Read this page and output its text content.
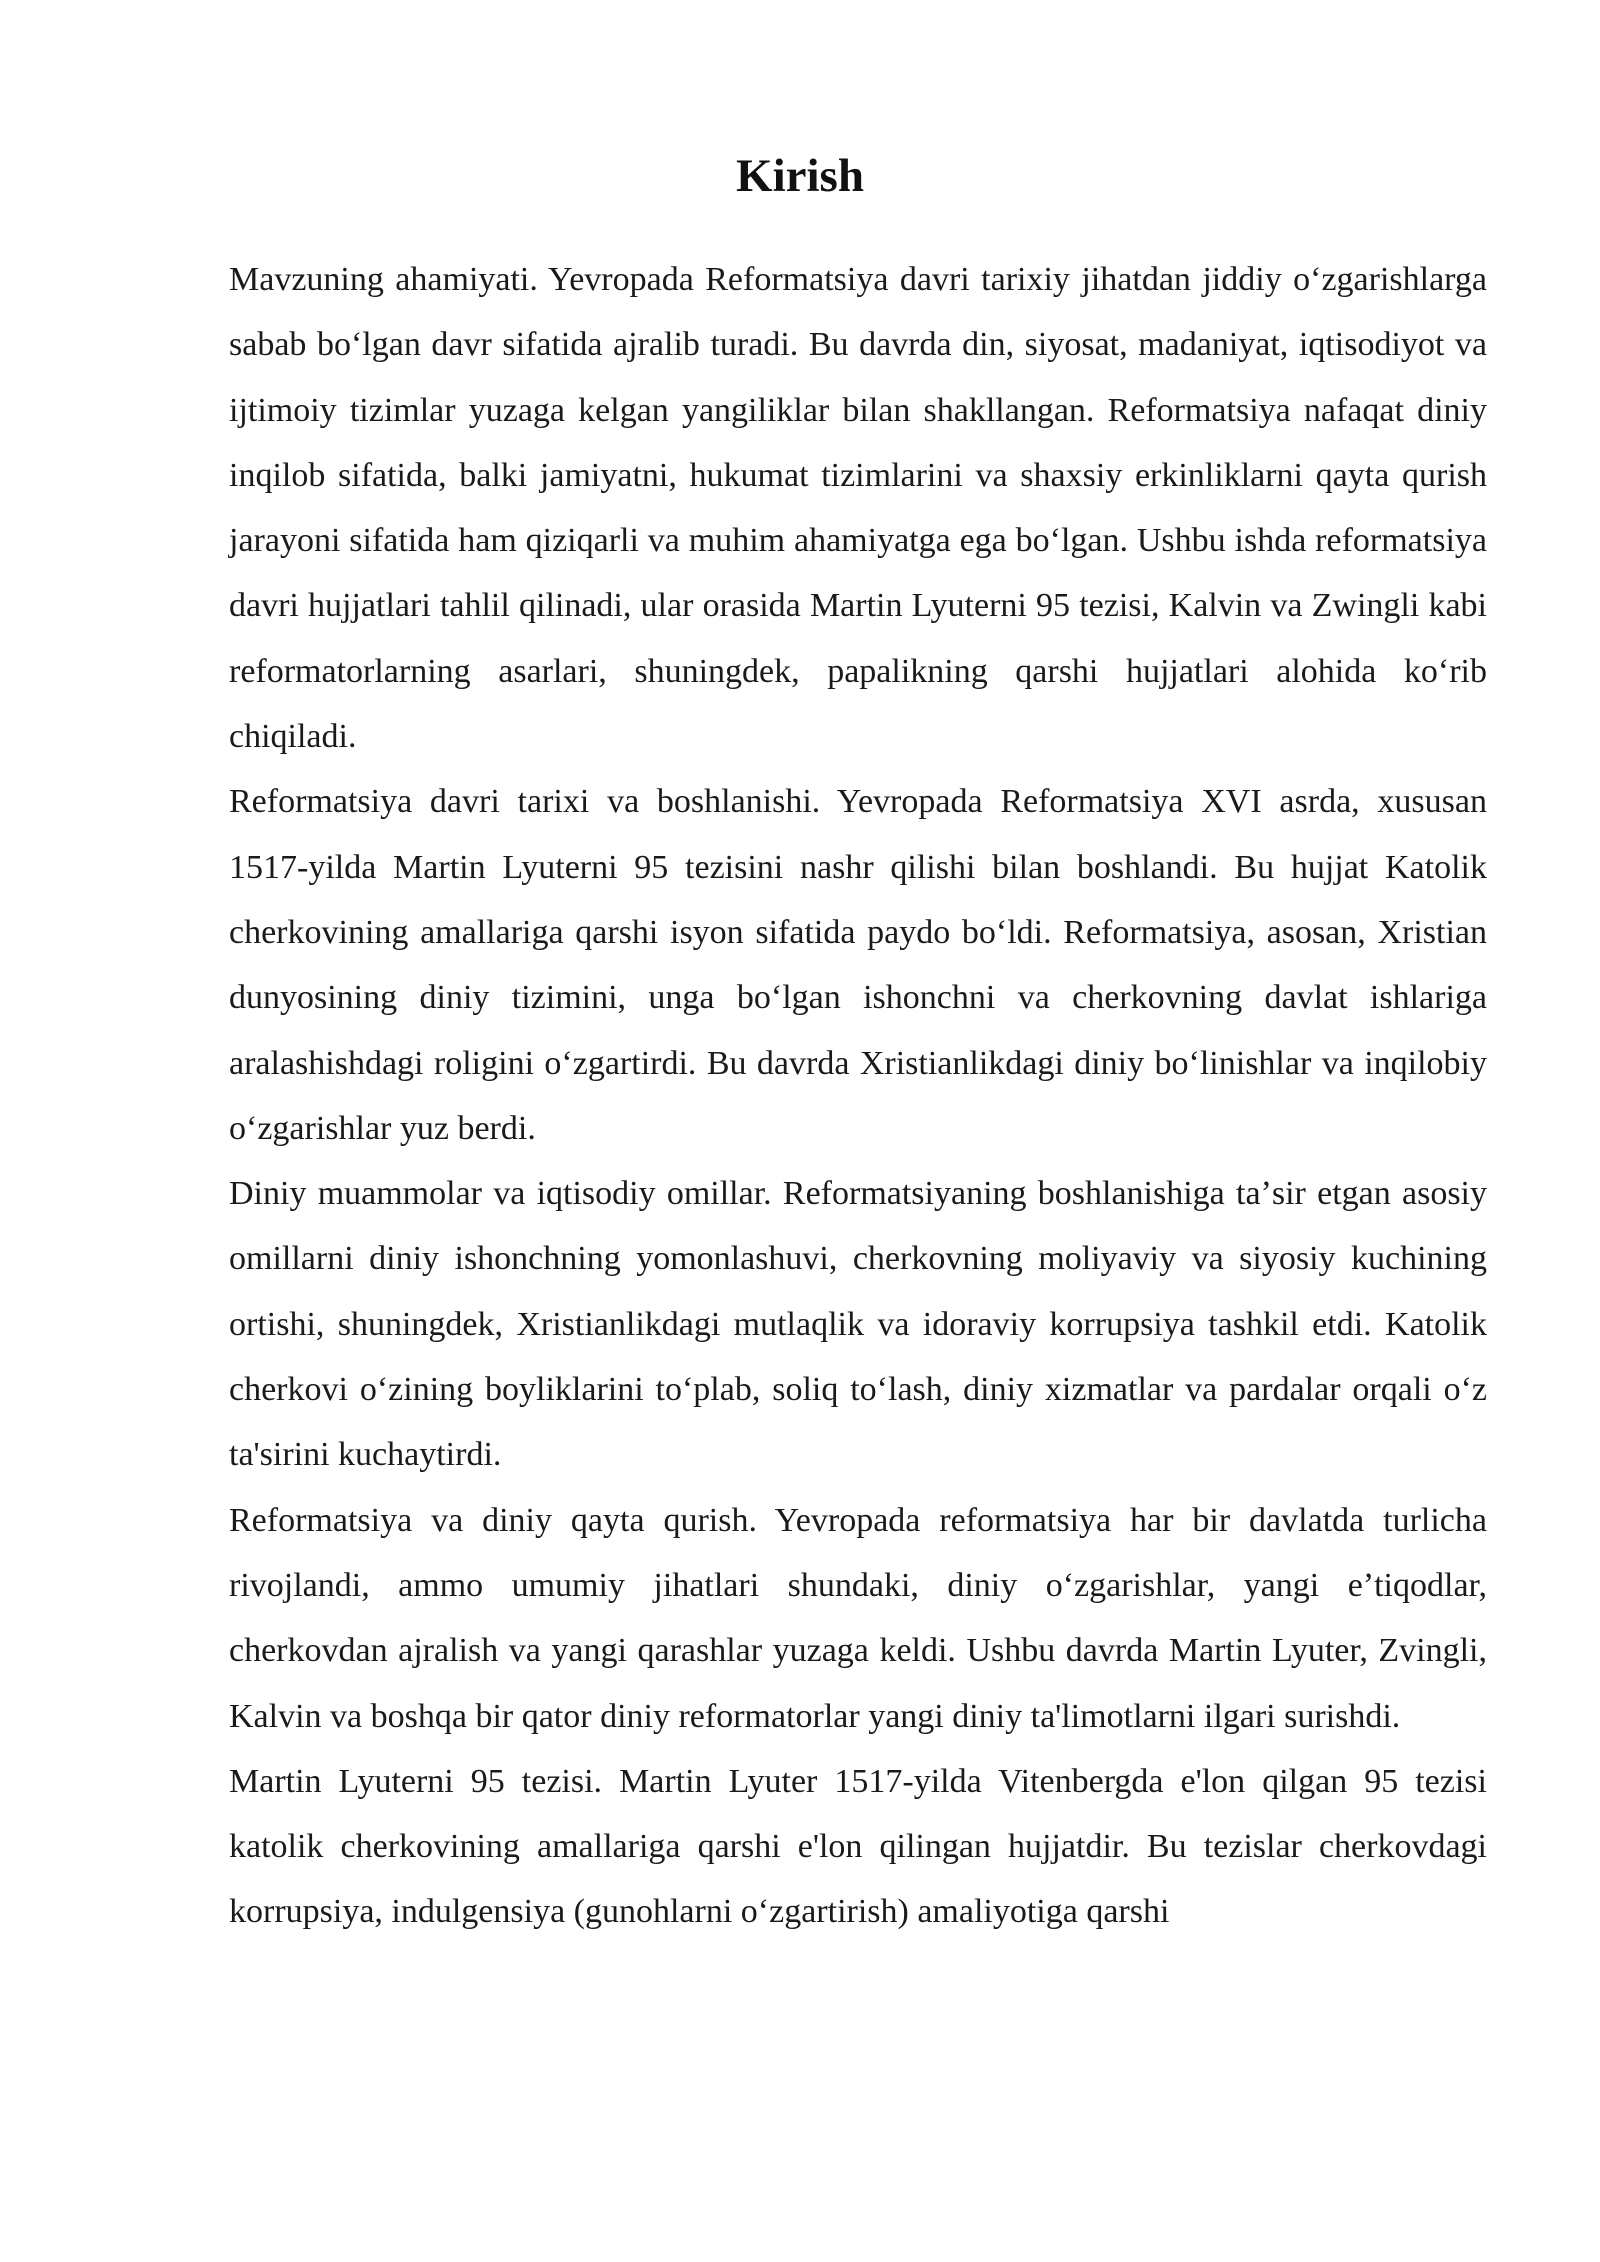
Kirish

Mavzuning ahamiyati. Yevropada Reformatsiya davri tarixiy jihatdan jiddiy oʻzgarishlarga sabab boʻlgan davr sifatida ajralib turadi. Bu davrda din, siyosat, madaniyat, iqtisodiyot va ijtimoiy tizimlar yuzaga kelgan yangiliklar bilan shakllangan. Reformatsiya nafaqat diniy inqilob sifatida, balki jamiyatni, hukumat tizimlarini va shaxsiy erkinliklarni qayta qurish jarayoni sifatida ham qiziqarli va muhim ahamiyatga ega boʻlgan. Ushbu ishda reformatsiya davri hujjatlari tahlil qilinadi, ular orasida Martin Lyuterni 95 tezisi, Kalvin va Zwingli kabi reformatorlarning asarlari, shuningdek, papalikning qarshi hujjatlari alohida koʻrib chiqiladi.

Reformatsiya davri tarixi va boshlanishi. Yevropada Reformatsiya XVI asrda, xususan 1517-yilda Martin Lyuterni 95 tezisini nashr qilishi bilan boshlandi. Bu hujjat Katolik cherkovining amallariga qarshi isyon sifatida paydo boʻldi. Reformatsiya, asosan, Xristian dunyosining diniy tizimini, unga boʻlgan ishonchni va cherkovning davlat ishlariga aralashishdagi roligini oʻzgartirdi. Bu davrda Xristianlikdagi diniy boʻlinishlar va inqilobiy oʻzgarishlar yuz berdi.

Diniy muammolar va iqtisodiy omillar. Reformatsiyaning boshlanishiga taʼsir etgan asosiy omillarni diniy ishonchning yomonlashuvi, cherkovning moliyaviy va siyosiy kuchining ortishi, shuningdek, Xristianlikdagi mutlaqlik va idoraviy korrupsiya tashkil etdi. Katolik cherkovi oʻzining boyliklarini toʻplab, soliq toʻlash, diniy xizmatlar va pardalar orqali oʻz ta'sirini kuchaytirdi.

Reformatsiya va diniy qayta qurish. Yevropada reformatsiya har bir davlatda turlicha rivojlandi, ammo umumiy jihatlari shundaki, diniy oʻzgarishlar, yangi eʼtiqodlar, cherkovdan ajralish va yangi qarashlar yuzaga keldi. Ushbu davrda Martin Lyuter, Zvingli, Kalvin va boshqa bir qator diniy reformatorlar yangi diniy ta'limotlarni ilgari surishdi.

Martin Lyuterni 95 tezisi. Martin Lyuter 1517-yilda Vitenbergda e'lon qilgan 95 tezisi katolik cherkovining amallariga qarshi e'lon qilingan hujjatdir. Bu tezislar cherkovdagi korrupsiya, indulgensiya (gunohlarni oʻzgartirish) amaliyotiga qarshi
